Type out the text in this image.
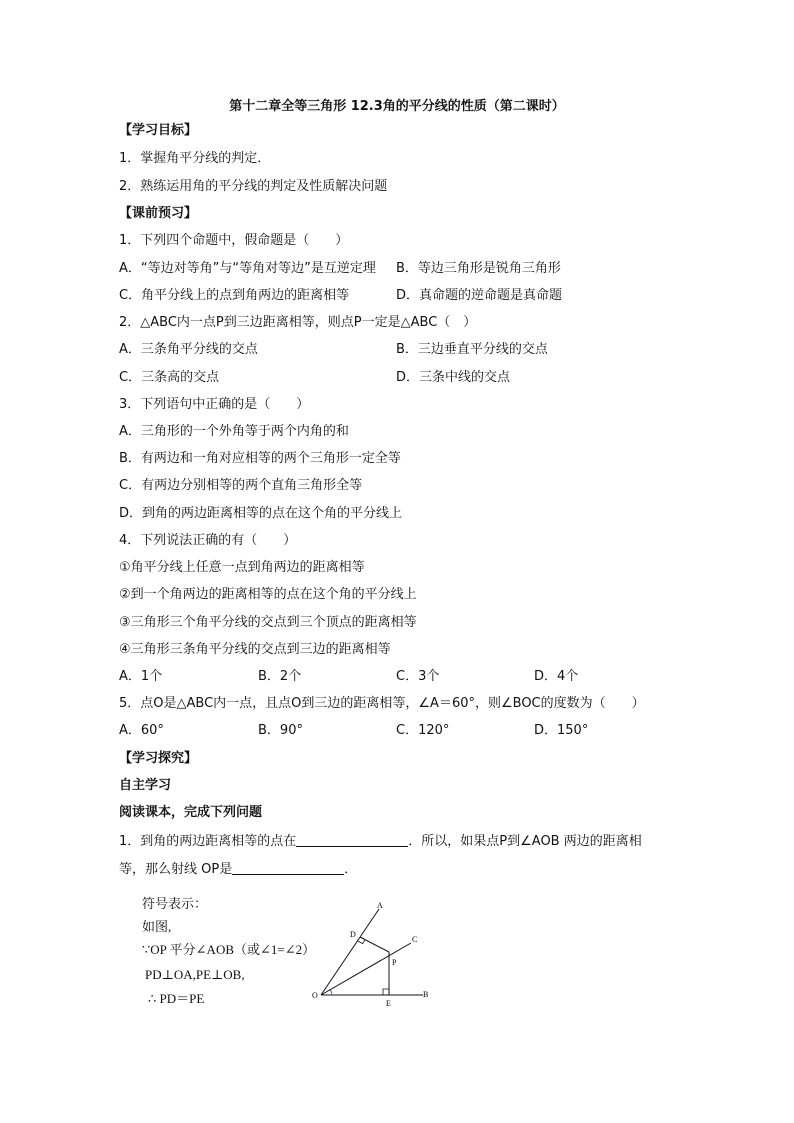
第十二章全等三角形 12.3角的平分线的性质（第二课时）
【学习目标】
1．掌握角平分线的判定．
2．熟练运用角的平分线的判定及性质解决问题
【课前预习】
1．下列四个命题中，假命题是（　　）
A．“等边对等角”与“等角对等边”是互逆定理 B．等边三角形是锐角三角形
C．角平分线上的点到角两边的距离相等	D．真命题的逆命题是真命题
2．△ABC内一点P到三边距离相等，则点P一定是△ABC（　）
A．三条角平分线的交点	B．三边垂直平分线的交点
C．三条高的交点	D．三条中线的交点
3．下列语句中正确的是（　　）
A．三角形的一个外角等于两个内角的和
B．有两边和一角对应相等的两个三角形一定全等
C．有两边分别相等的两个直角三角形全等
D．到角的两边距离相等的点在这个角的平分线上
4．下列说法正确的有（　　）
①角平分线上任意一点到角两边的距离相等
②到一个角两边的距离相等的点在这个角的平分线上
③三角形三个角平分线的交点到三个顶点的距离相等
④三角形三条角平分线的交点到三边的距离相等
A．1个	B．2个	C．3个	D．4个
5．点O是△ABC内一点，且点O到三边的距离相等，∠A＝60°，则∠BOC的度数为（　　）
A．60°	B．90°	C．120°	D．150°
【学习探究】
自主学习
阅读课本，完成下列问题
1．到角的两边距离相等的点在	．所以，如果点P到∠AOB 两边的距离相
等，那么射线 OP是	．
符号表示：
如图,
∵OP 平分∠AOB（或∠1=∠2）
PD⊥OA,PE⊥OB,
∴ PD＝PE
A
C
D
P
O
E
B
